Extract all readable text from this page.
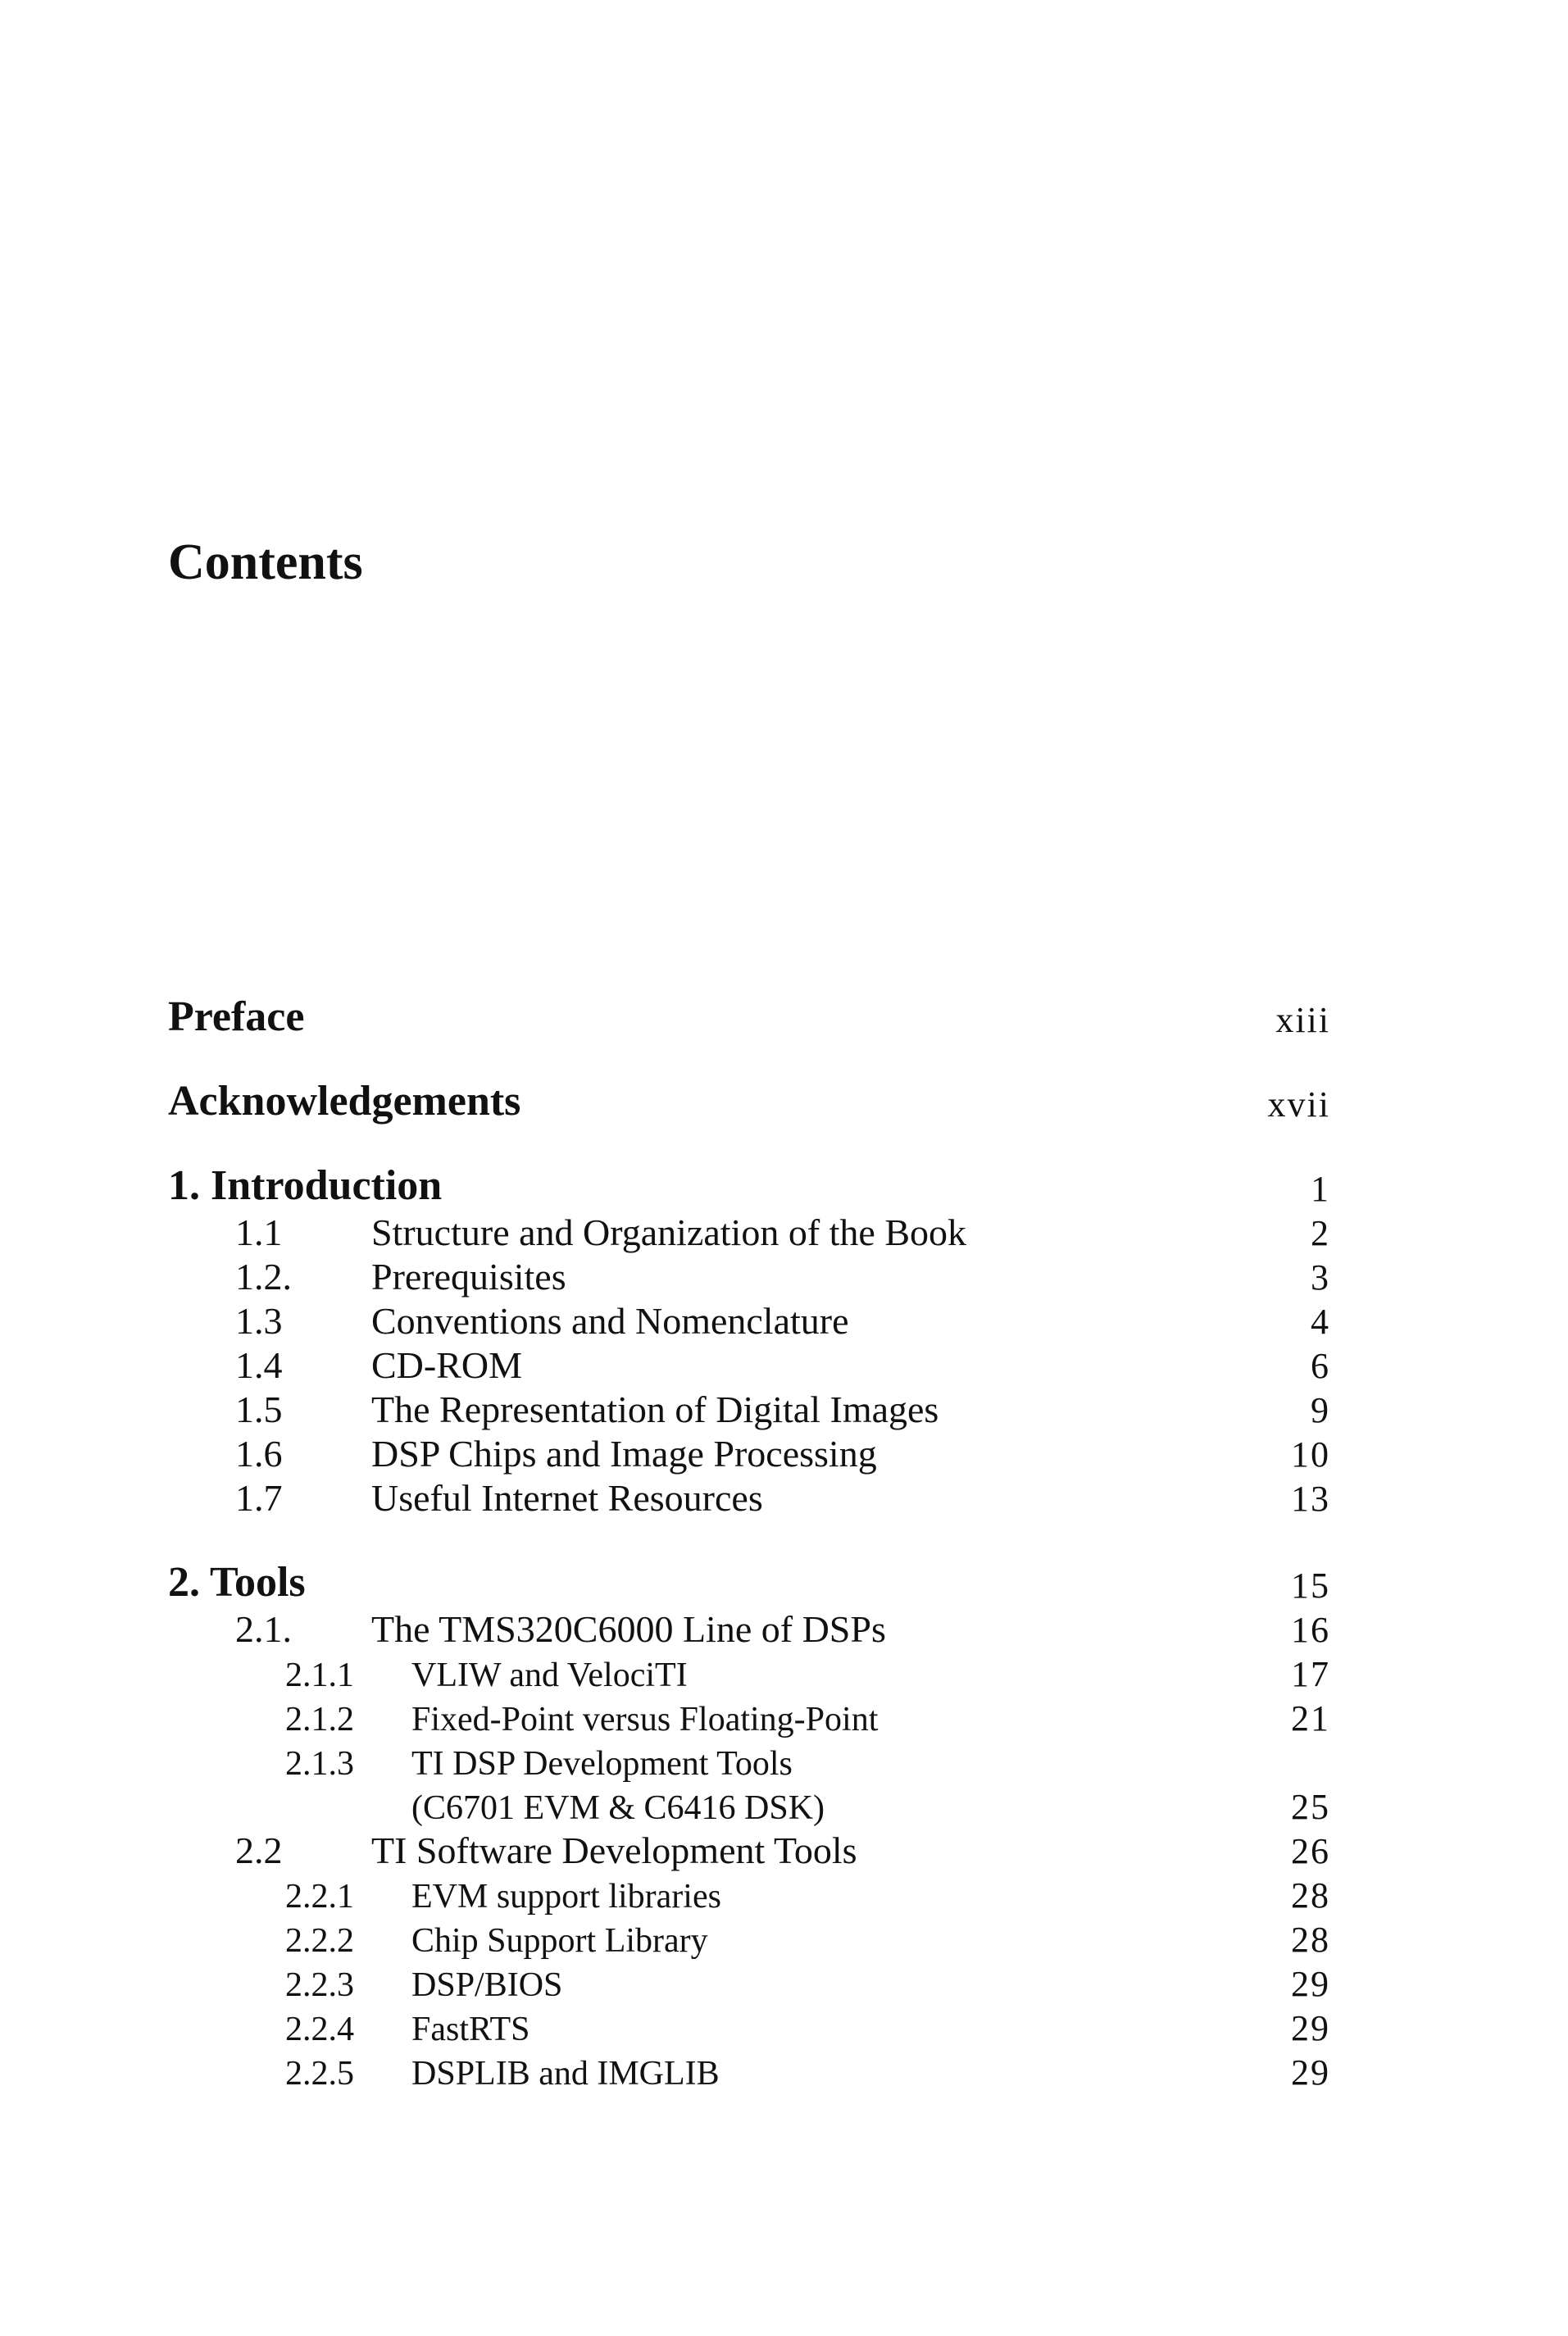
Contents
Preface	xiii
Acknowledgements	xvii
1. Introduction	1
1.1 Structure and Organization of the Book	2
1.2. Prerequisites	3
1.3 Conventions and Nomenclature	4
1.4 CD-ROM	6
1.5 The Representation of Digital Images	9
1.6 DSP Chips and Image Processing	10
1.7 Useful Internet Resources	13
2. Tools	15
2.1. The TMS320C6000 Line of DSPs	16
2.1.1 VLIW and VelociTI	17
2.1.2 Fixed-Point versus Floating-Point	21
2.1.3 TI DSP Development Tools
(C6701 EVM & C6416 DSK)	25
2.2 TI Software Development Tools	26
2.2.1 EVM support libraries	28
2.2.2 Chip Support Library	28
2.2.3 DSP/BIOS	29
2.2.4 FastRTS	29
2.2.5 DSPLIB and IMGLIB	29
